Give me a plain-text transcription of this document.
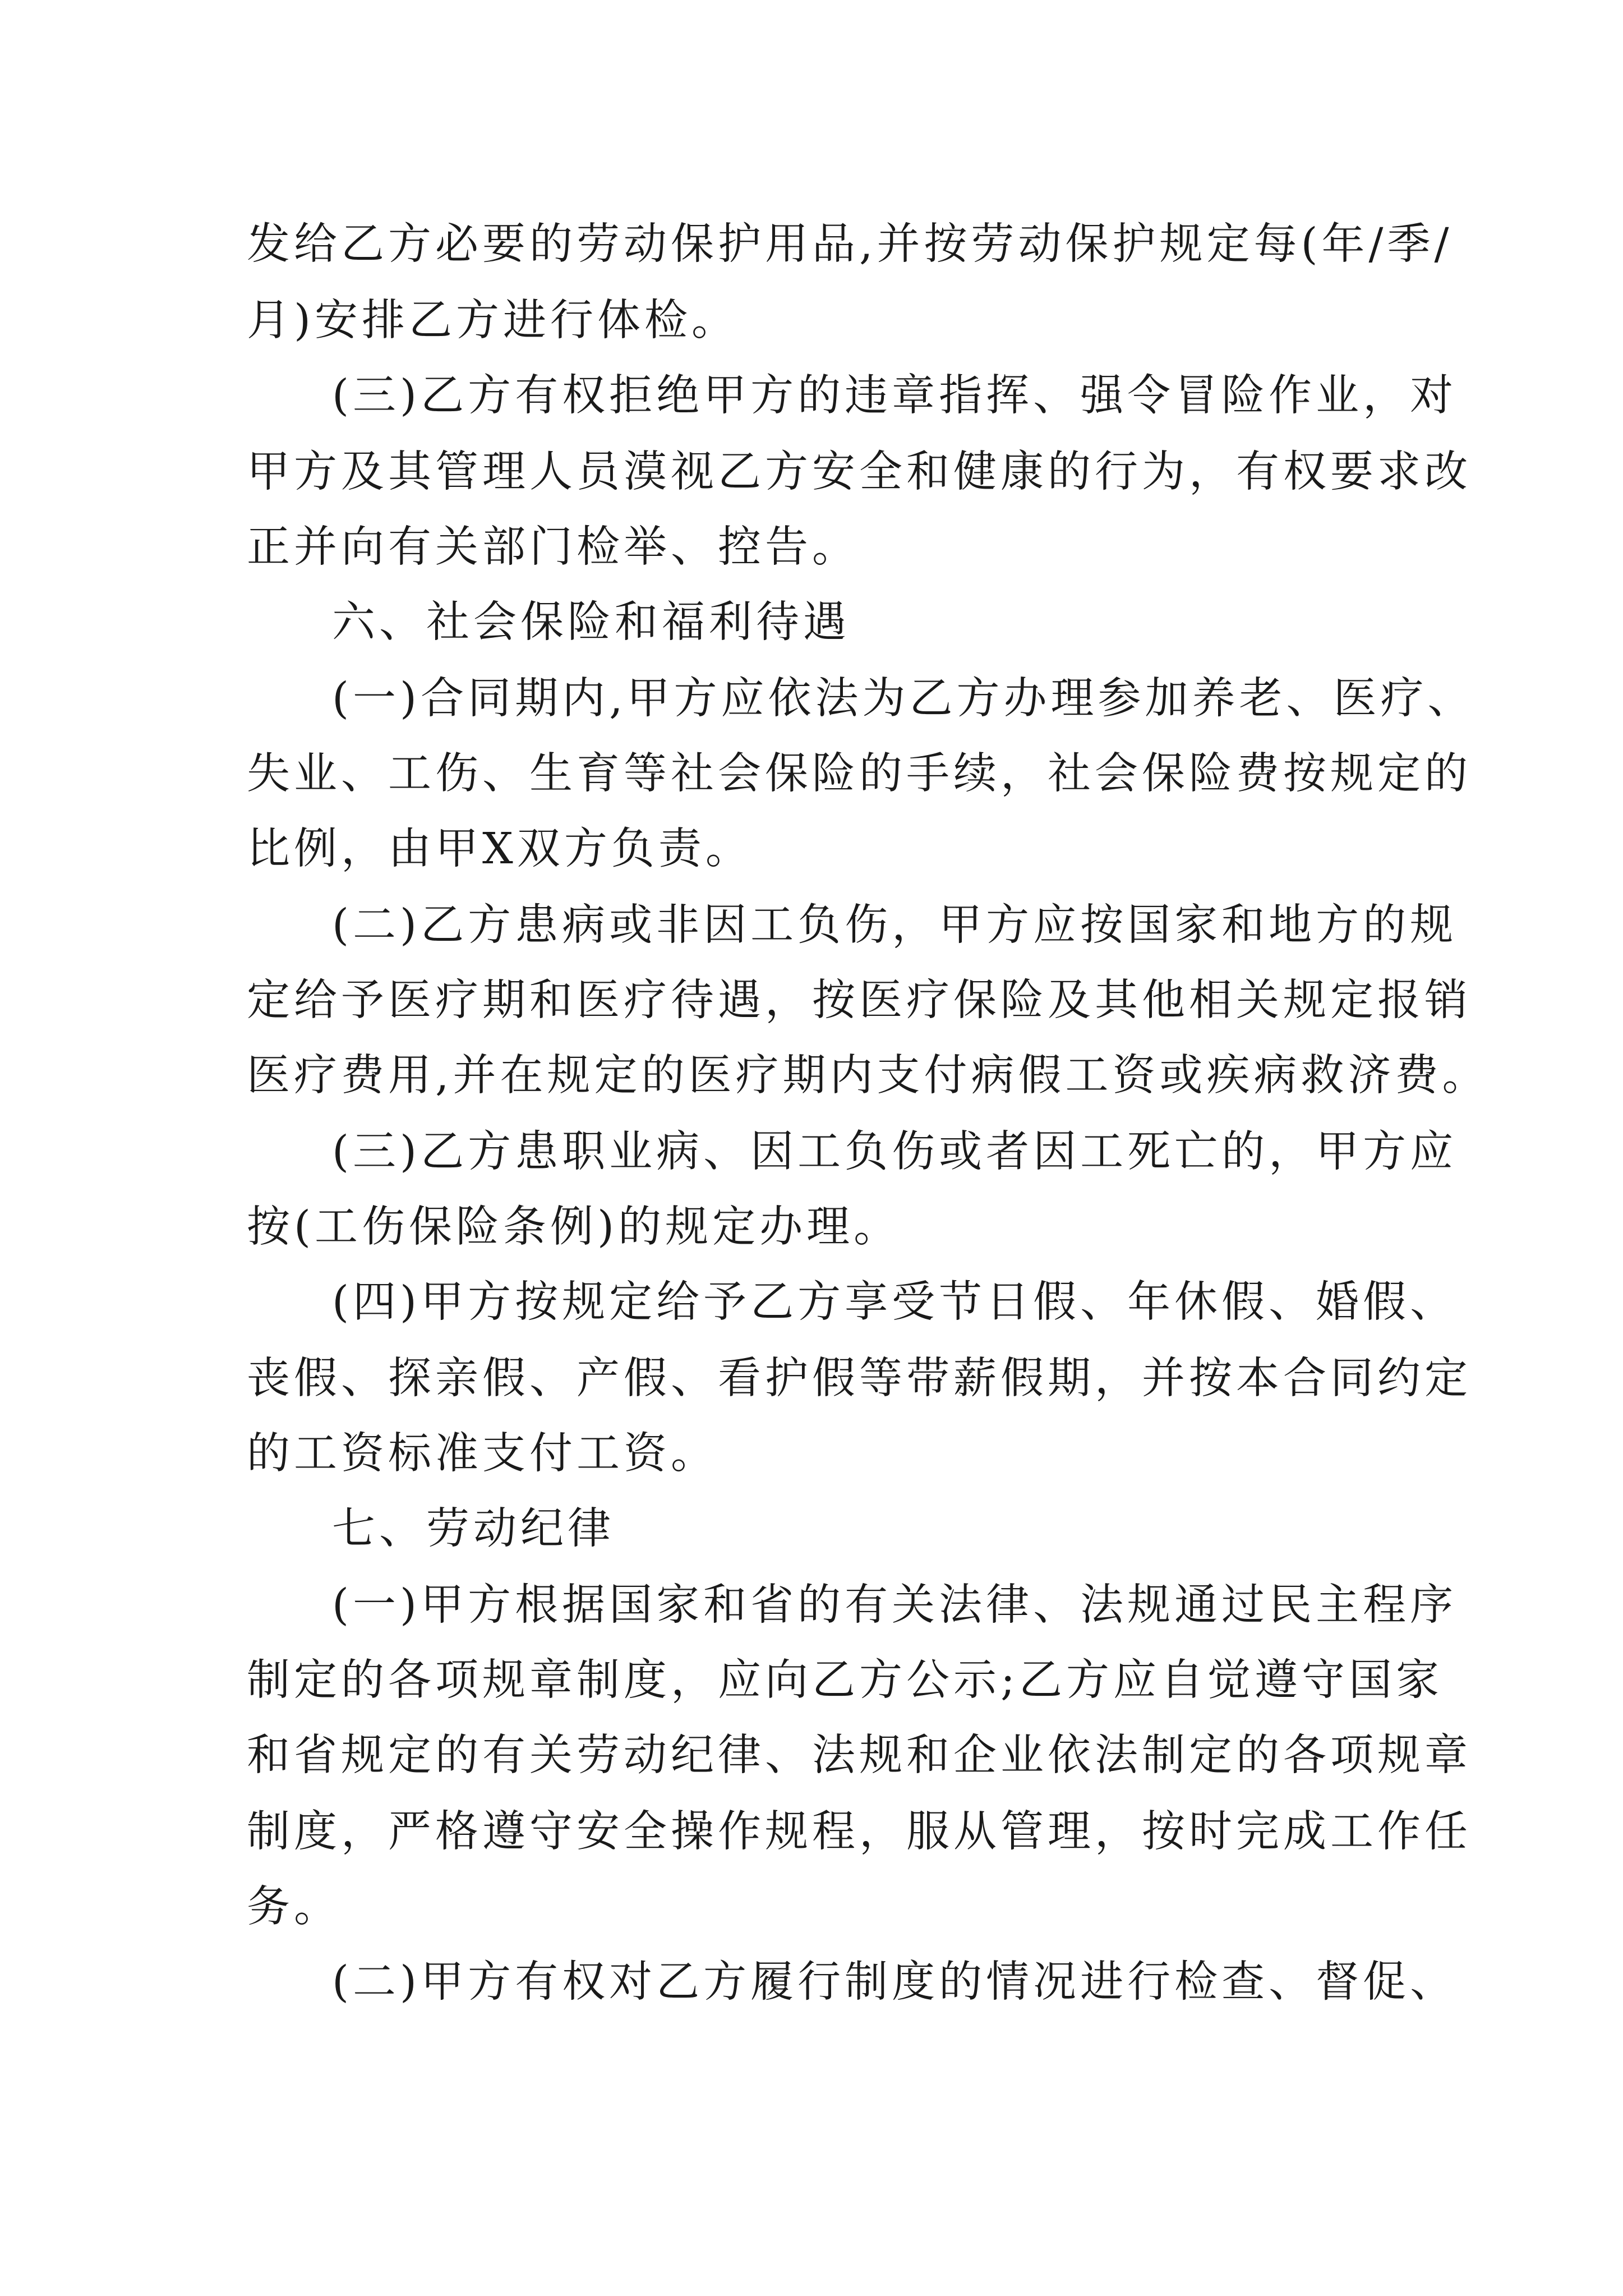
发给乙方必要的劳动保护用品,并按劳动保护规定每(年/季/
月)安排乙方进行体检。
(三)乙方有权拒绝甲方的违章指挥、强令冒险作业，对
甲方及其管理人员漠视乙方安全和健康的行为，有权要求改
正并向有关部门检举、控告。
六、社会保险和福利待遇
(一)合同期内,甲方应依法为乙方办理参加养老、医疗、
失业、工伤、生育等社会保险的手续，社会保险费按规定的
比例，由甲X双方负责。
(二)乙方患病或非因工负伤，甲方应按国家和地方的规
定给予医疗期和医疗待遇，按医疗保险及其他相关规定报销
医疗费用,并在规定的医疗期内支付病假工资或疾病救济费。
(三)乙方患职业病、因工负伤或者因工死亡的，甲方应
按(工伤保险条例)的规定办理。
(四)甲方按规定给予乙方享受节日假、年休假、婚假、
丧假、探亲假、产假、看护假等带薪假期，并按本合同约定
的工资标准支付工资。
七、劳动纪律
(一)甲方根据国家和省的有关法律、法规通过民主程序
制定的各项规章制度，应向乙方公示;乙方应自觉遵守国家
和省规定的有关劳动纪律、法规和企业依法制定的各项规章
制度，严格遵守安全操作规程，服从管理，按时完成工作任
务。
(二)甲方有权对乙方履行制度的情况进行检查、督促、
